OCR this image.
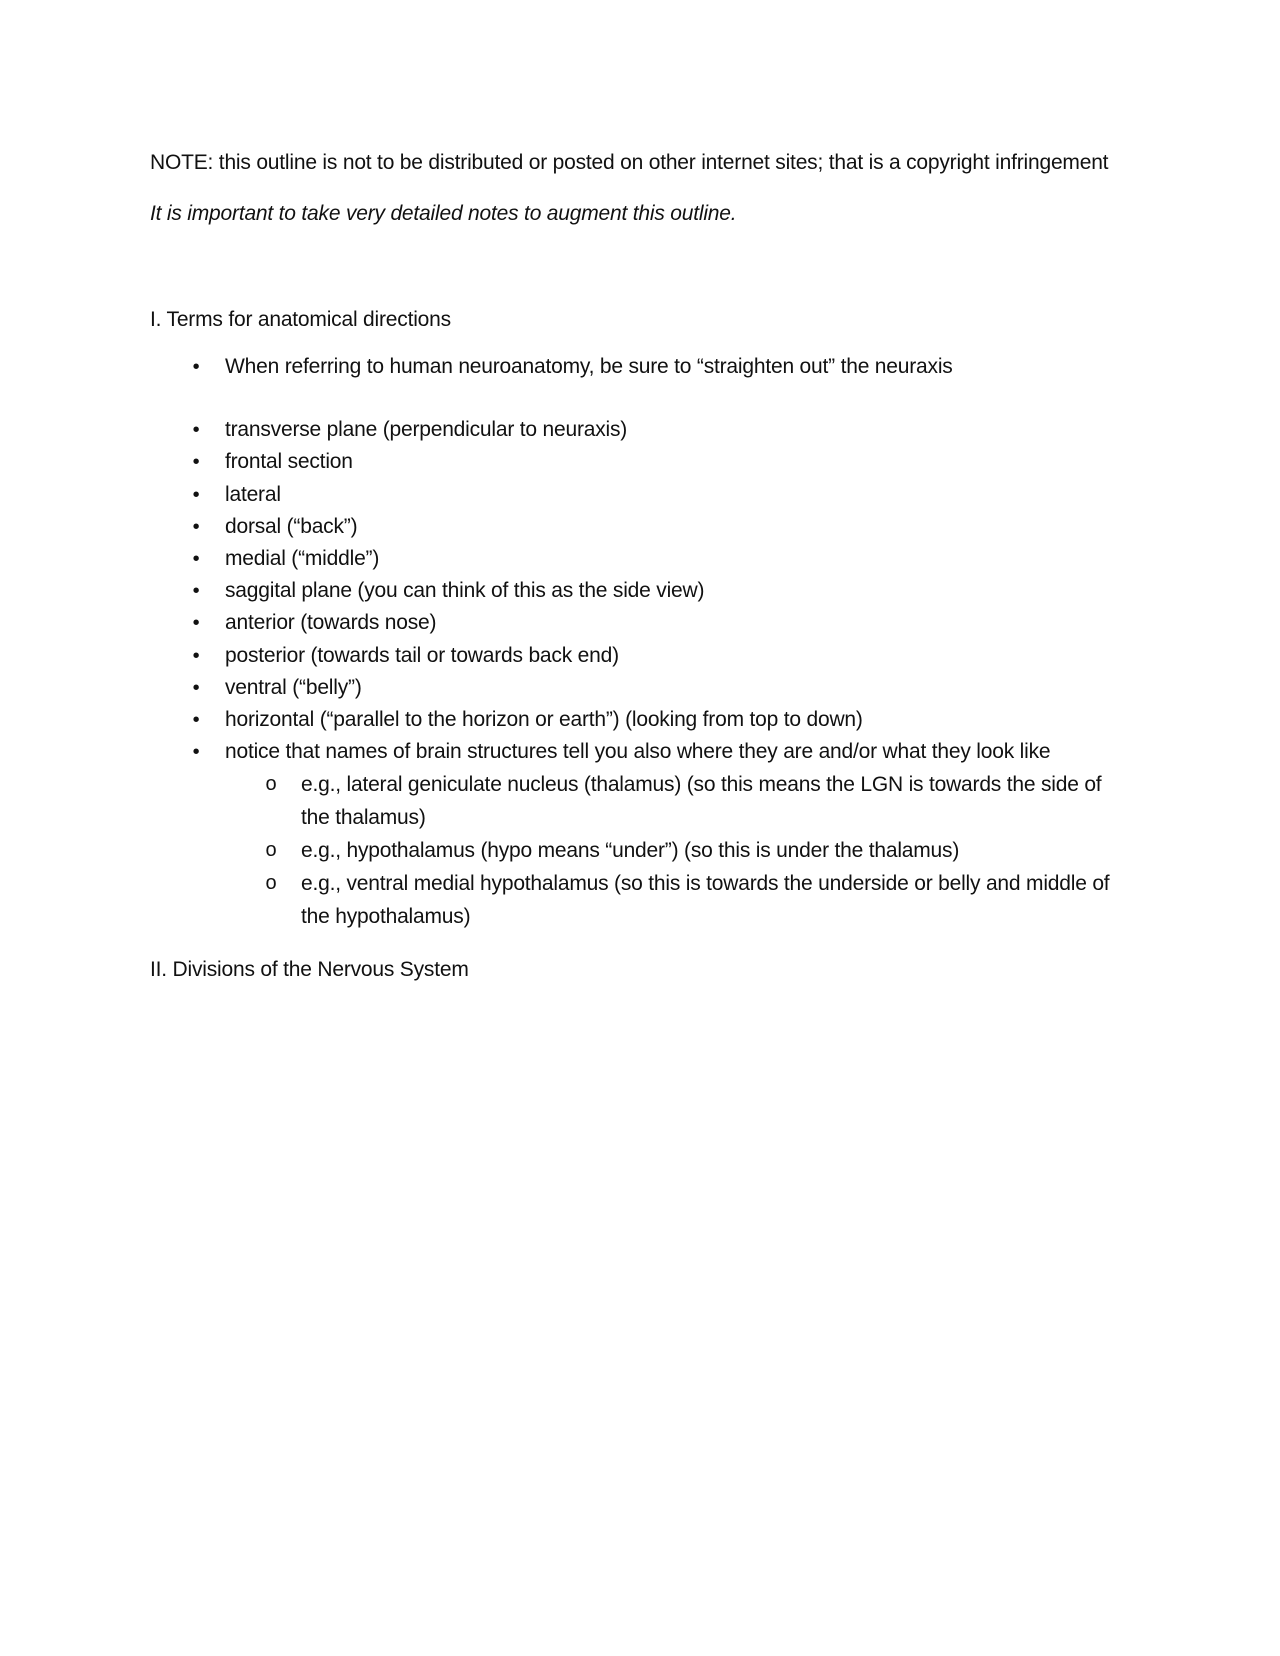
NOTE: this outline is not to be distributed or posted on other internet sites; that is a copyright infringement

It is important to take very detailed notes to augment this outline.

I. Terms for anatomical directions

•	When referring to human neuroanatomy, be sure to “straighten out” the neuraxis
•	transverse plane (perpendicular to neuraxis)
•	frontal section
•	lateral
•	dorsal (“back”)
•	medial (“middle”)
•	saggital plane (you can think of this as the side view)
•	anterior (towards nose)
•	posterior (towards tail or towards back end)
•	ventral (“belly”)
•	horizontal (“parallel to the horizon or earth”) (looking from top to down)
•	notice that names of brain structures tell you also where they are and/or what they look like
o e.g., lateral geniculate nucleus (thalamus) (so this means the LGN is towards the side of the thalamus)
o e.g., hypothalamus (hypo means “under”) (so this is under the thalamus)
o e.g., ventral medial hypothalamus (so this is towards the underside or belly and middle of the hypothalamus)

II. Divisions of the Nervous System
